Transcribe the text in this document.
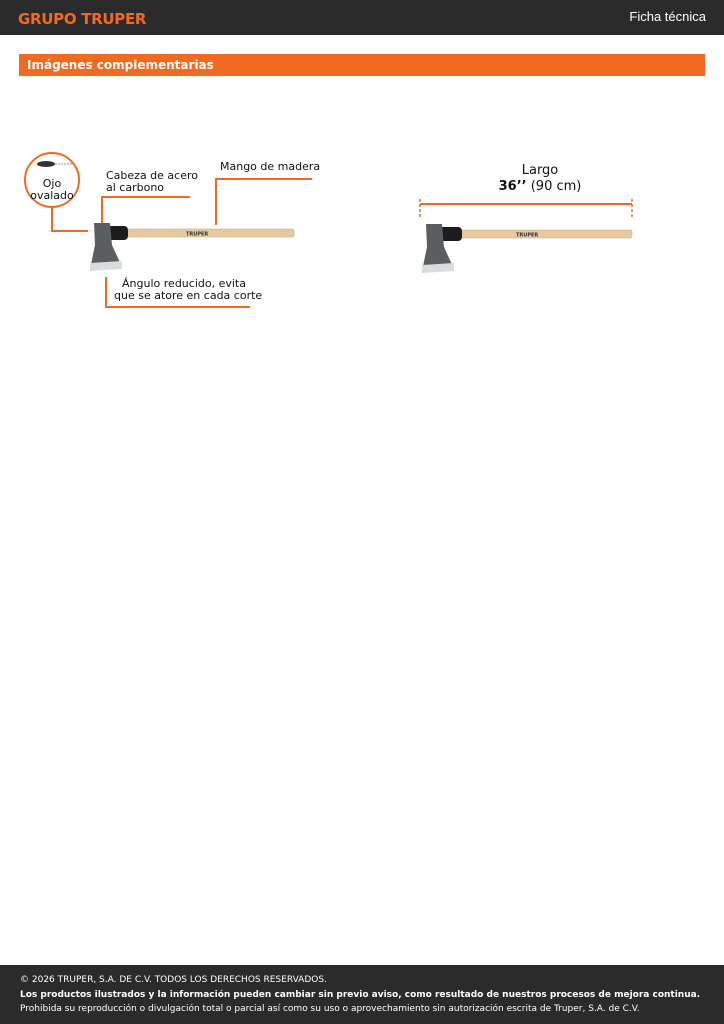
GRUPO TRUPER	Ficha técnica
Imágenes complementarias
TRUPER
Ojo ovalado
Cabeza de acero
al carbono
Mango de madera
Ángulo reducido, evita
que se atore en cada corte
TRUPER
Largo
36’’ (90 cm)
© 2026 TRUPER, S.A. DE C.V. TODOS LOS DERECHOS RESERVADOS.
Los productos ilustrados y la información pueden cambiar sin previo aviso, como resultado de nuestros procesos de mejora continua.
Prohibida su reproducción o divulgación total o parcial así como su uso o aprovechamiento sin autorización escrita de Truper, S.A. de C.V.
